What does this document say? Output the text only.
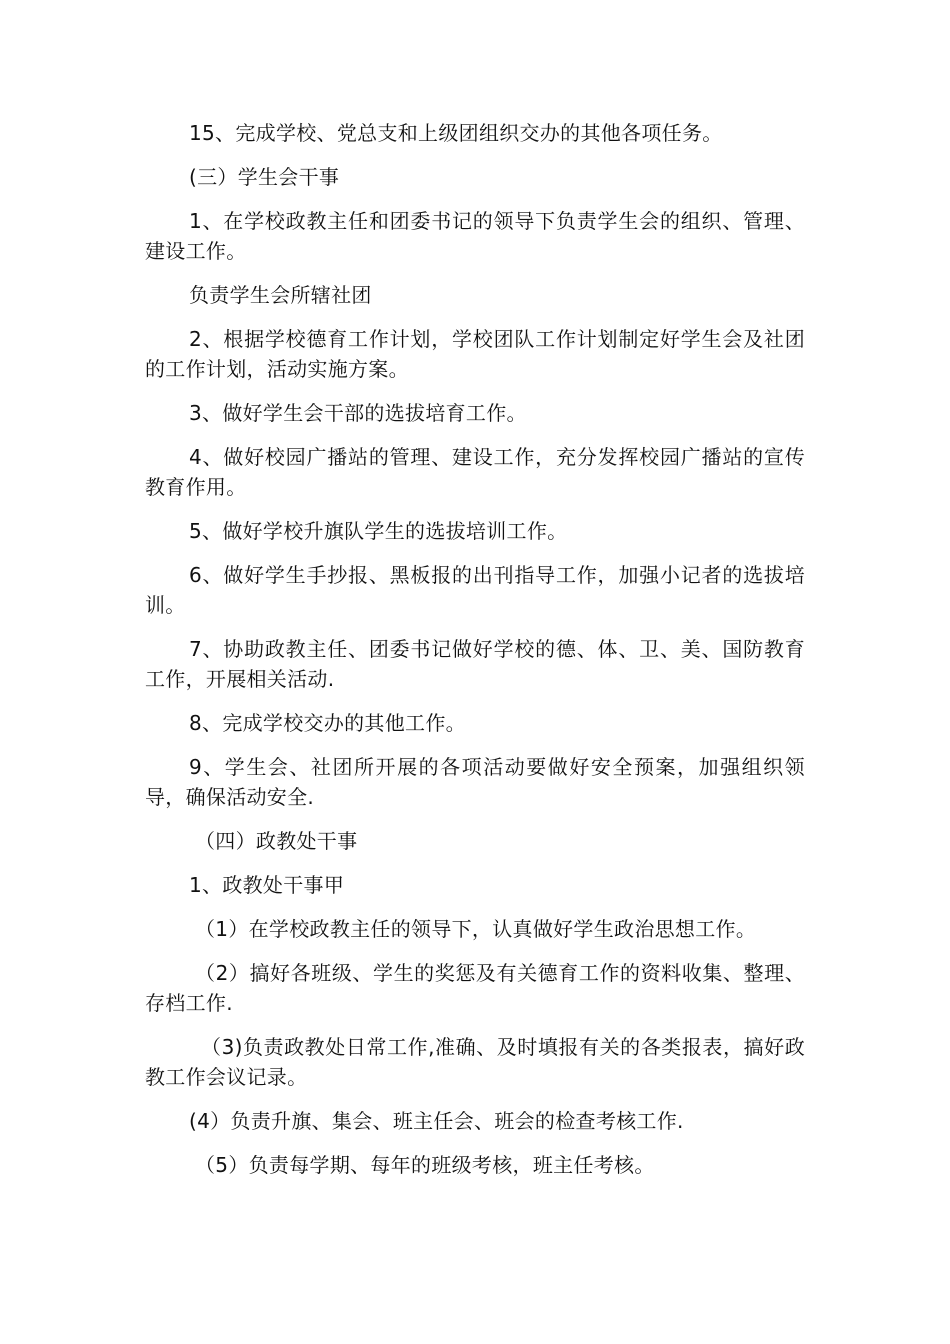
15、完成学校、党总支和上级团组织交办的其他各项任务。

(三）学生会干事

1、在学校政教主任和团委书记的领导下负责学生会的组织、管理、建设工作。

负责学生会所辖社团

2、根据学校德育工作计划，学校团队工作计划制定好学生会及社团的工作计划，活动实施方案。

3、做好学生会干部的选拔培育工作。

4、做好校园广播站的管理、建设工作，充分发挥校园广播站的宣传教育作用。

5、做好学校升旗队学生的选拔培训工作。

6、做好学生手抄报、黑板报的出刊指导工作，加强小记者的选拔培训。

7、协助政教主任、团委书记做好学校的德、体、卫、美、国防教育工作，开展相关活动.

8、完成学校交办的其他工作。

9、学生会、社团所开展的各项活动要做好安全预案，加强组织领导，确保活动安全.

（四）政教处干事

1、政教处干事甲

（1）在学校政教主任的领导下，认真做好学生政治思想工作。

（2）搞好各班级、学生的奖惩及有关德育工作的资料收集、整理、存档工作.

（3)负责政教处日常工作,准确、及时填报有关的各类报表，搞好政教工作会议记录。

(4）负责升旗、集会、班主任会、班会的检查考核工作.

（5）负责每学期、每年的班级考核，班主任考核。
